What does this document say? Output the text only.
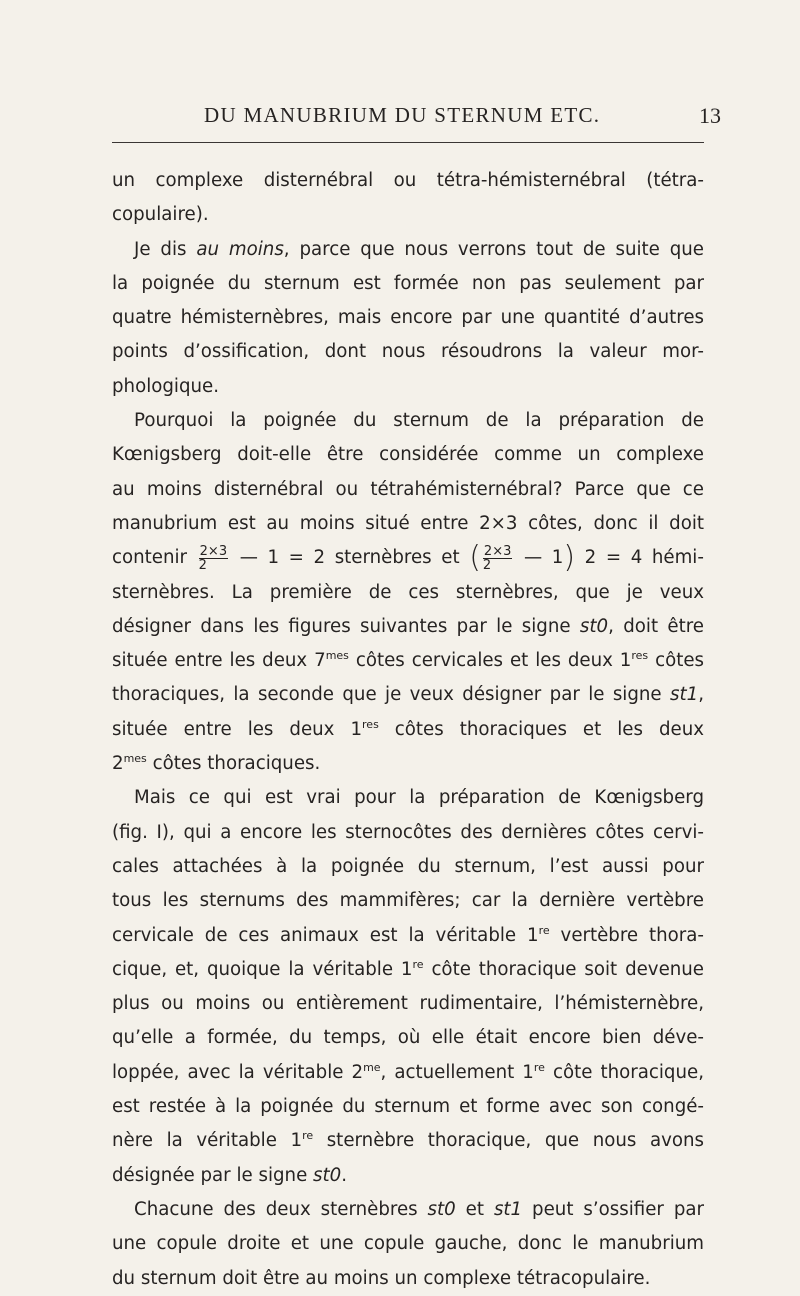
DU MANUBRIUM DU STERNUM ETC.	13
un complexe disternébral ou tétra-hémisternébral (tétra-
copulaire).
Je dis au moins, parce que nous verrons tout de suite que
la poignée du sternum est formée non pas seulement par
quatre hémisternèbres, mais encore par une quantité d’autres
points d’ossification, dont nous résoudrons la valeur mor-
phologique.
Pourquoi la poignée du sternum de la préparation de
Kœnigsberg doit-elle être considérée comme un complexe
au moins disternébral ou tétrahémisternébral? Parce que ce
manubrium est au moins situé entre 2×3 côtes, donc il doit
contenir $\frac{2\times 3}{2}$ — 1 = 2 sternèbres et ( $\frac{2\times 3}{2}$ — 1) 2 = 4 hémi-
sternèbres. La première de ces sternèbres, que je veux
désigner dans les figures suivantes par le signe st0, doit être
située entre les deux $7^{mes}$ côtes cervicales et les deux 1res côtes
thoraciques, la seconde que je veux désigner par le signe st1,
située entre les deux 1res côtes thoraciques et les deux
$2^{mes}$ côtes thoraciques.
Mais ce qui est vrai pour la préparation de Kœnigsberg
(fig. I), qui a encore les sternocôtes des dernières côtes cervi-
cales attachées à la poignée du sternum, l’est aussi pour
tous les sternums des mammifères; car la dernière vertèbre
cervicale de ces animaux est la véritable 1re vertèbre thora-
cique, et, quoique la véritable 1re côte thoracique soit devenue
plus ou moins ou entièrement rudimentaire, l’hémisternèbre,
qu’elle a formée, du temps, où elle était encore bien déve-
loppée, avec la véritable $2^{me}$, actuellement 1re côte thoracique,
est restée à la poignée du sternum et forme avec son congé-
nère la véritable 1re sternèbre thoracique, que nous avons
désignée par le signe st0.
Chacune des deux sternèbres st0 et st1 peut s’ossifier par
une copule droite et une copule gauche, donc le manubrium
du sternum doit être au moins un complexe tétracopulaire.
